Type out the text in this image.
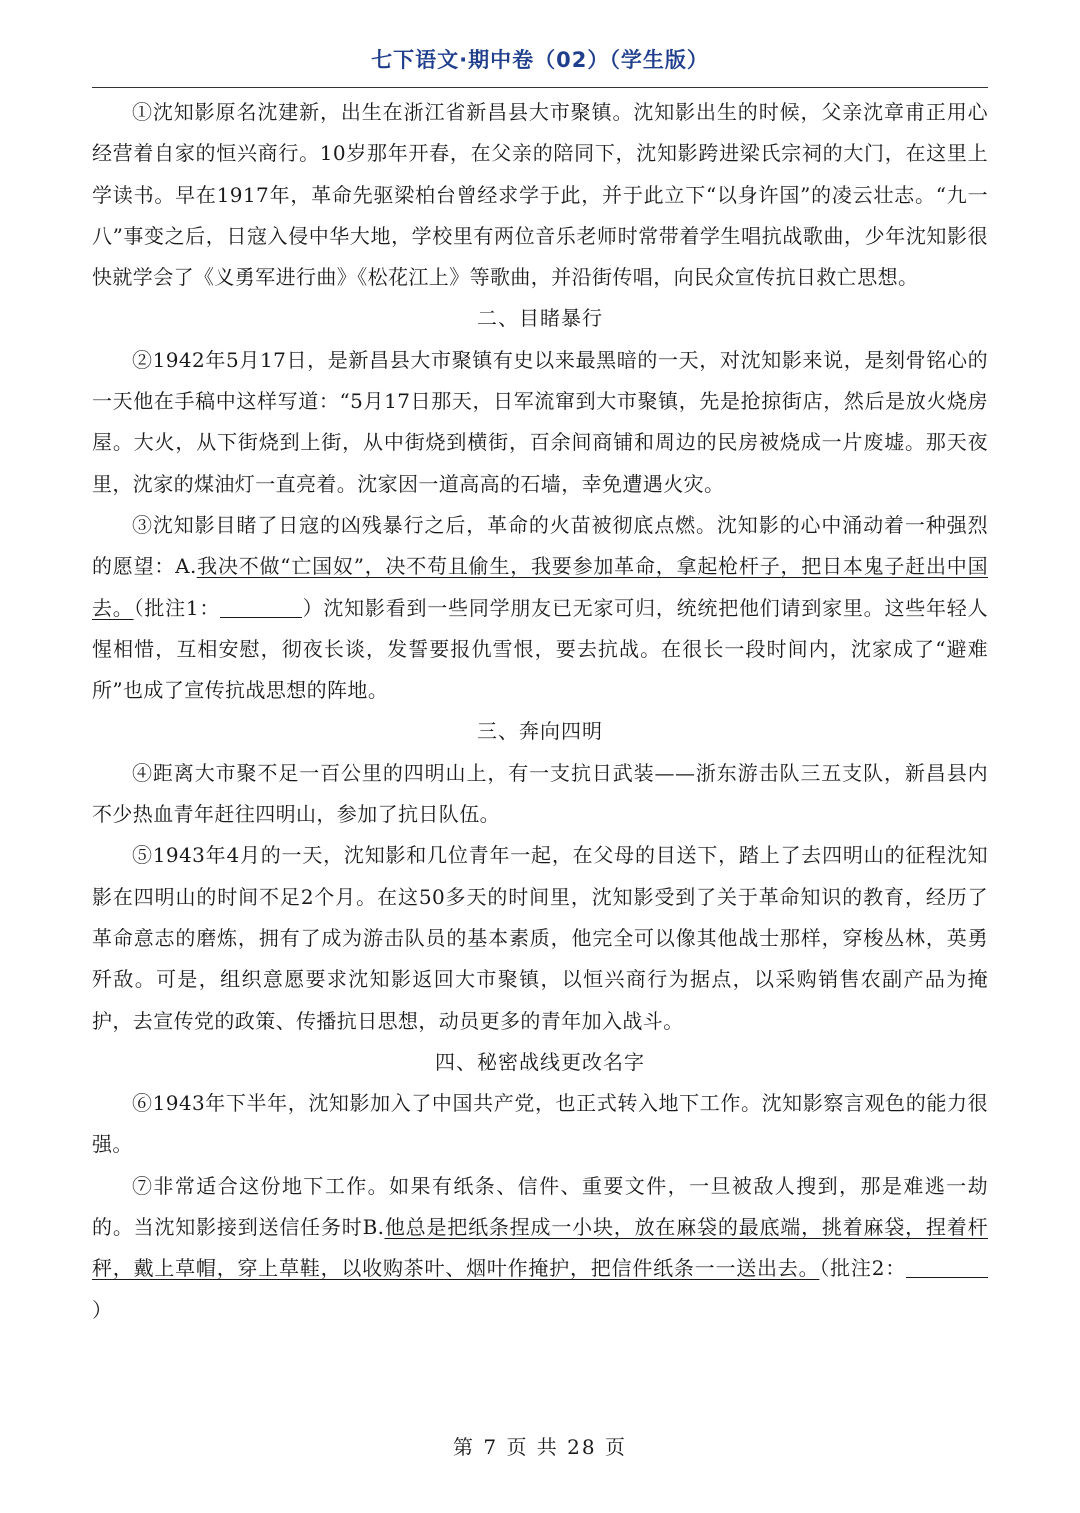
七下语文·期中卷（02）（学生版）

①沈知影原名沈建新，出生在浙江省新昌县大市聚镇。沈知影出生的时候，父亲沈章甫正用心经营着自家的恒兴商行。10岁那年开春，在父亲的陪同下，沈知影跨进梁氏宗祠的大门，在这里上学读书。早在1917年，革命先驱梁柏台曾经求学于此，并于此立下“以身许国”的凌云壮志。“九一八”事变之后，日寇入侵中华大地，学校里有两位音乐老师时常带着学生唱抗战歌曲，少年沈知影很快就学会了《义勇军进行曲》《松花江上》等歌曲，并沿街传唱，向民众宣传抗日救亡思想。

二、目睹暴行

②1942年5月17日，是新昌县大市聚镇有史以来最黑暗的一天，对沈知影来说，是刻骨铭心的一天他在手稿中这样写道：“5月17日那天，日军流窜到大市聚镇，先是抢掠街店，然后是放火烧房屋。大火，从下街烧到上街，从中街烧到横街，百余间商铺和周边的民房被烧成一片废墟。那天夜里，沈家的煤油灯一直亮着。沈家因一道高高的石墙，幸免遭遇火灾。

③沈知影目睹了日寇的凶残暴行之后，革命的火苗被彻底点燃。沈知影的心中涌动着一种强烈的愿望：A.我决不做“亡国奴”，决不苟且偷生，我要参加革命，拿起枪杆子，把日本鬼子赶出中国去。（批注1：	）沈知影看到一些同学朋友已无家可归，统统把他们请到家里。这些年轻人惺相惜，互相安慰，彻夜长谈，发誓要报仇雪恨，要去抗战。在很长一段时间内，沈家成了“避难所”也成了宣传抗战思想的阵地。

三、奔向四明

④距离大市聚不足一百公里的四明山上，有一支抗日武装——浙东游击队三五支队，新昌县内不少热血青年赶往四明山，参加了抗日队伍。

⑤1943年4月的一天，沈知影和几位青年一起，在父母的目送下，踏上了去四明山的征程沈知影在四明山的时间不足2个月。在这50多天的时间里，沈知影受到了关于革命知识的教育，经历了革命意志的磨炼，拥有了成为游击队员的基本素质，他完全可以像其他战士那样，穿梭丛林，英勇歼敌。可是，组织意愿要求沈知影返回大市聚镇，以恒兴商行为据点，以采购销售农副产品为掩护，去宣传党的政策、传播抗日思想，动员更多的青年加入战斗。

四、秘密战线更改名字

⑥1943年下半年，沈知影加入了中国共产党，也正式转入地下工作。沈知影察言观色的能力很强。

⑦非常适合这份地下工作。如果有纸条、信件、重要文件，一旦被敌人搜到，那是难逃一劫的。当沈知影接到送信任务时B.他总是把纸条捏成一小块，放在麻袋的最底端，挑着麻袋，捏着杆秤，戴上草帽，穿上草鞋，以收购茶叶、烟叶作掩护，把信件纸条一一送出去。（批注2：）

第 7 页 共 28 页
